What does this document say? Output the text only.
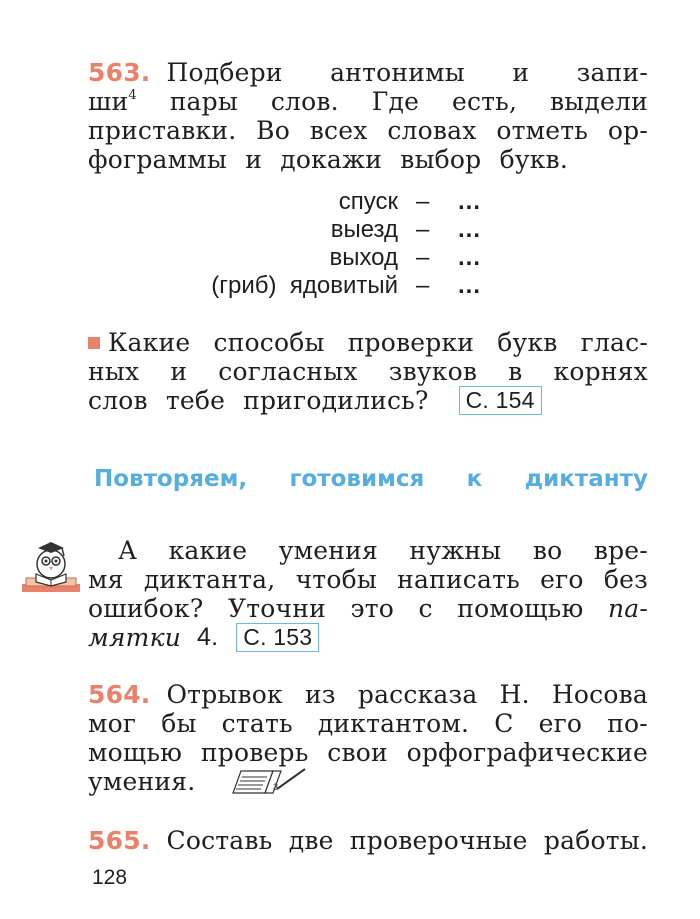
563. Подбери антонимы и запи-
$ши^4$ пары слов. Где есть, выдели
приставки. Во всех словах отметь ор-
фограммы и докажи выбор букв.
спуск – ...
выезд – ...
выход – ...
(гриб)  ядовитый – ...
Какие способы проверки букв глас-
ных и согласных звуков в корнях
слов тебе пригодились?	С. 154
Повторяем, готовимся к диктанту
А какие умения нужны во вре-
мя диктанта, чтобы написать его без
ошибок? Уточни это с помощью па-
мятки 4.	С. 153
564. Отрывок из рассказа Н. Носова
мог бы стать диктантом. С его по-
мощью проверь свои орфографические
умения.	3
565. Составь две проверочные работы.
128
